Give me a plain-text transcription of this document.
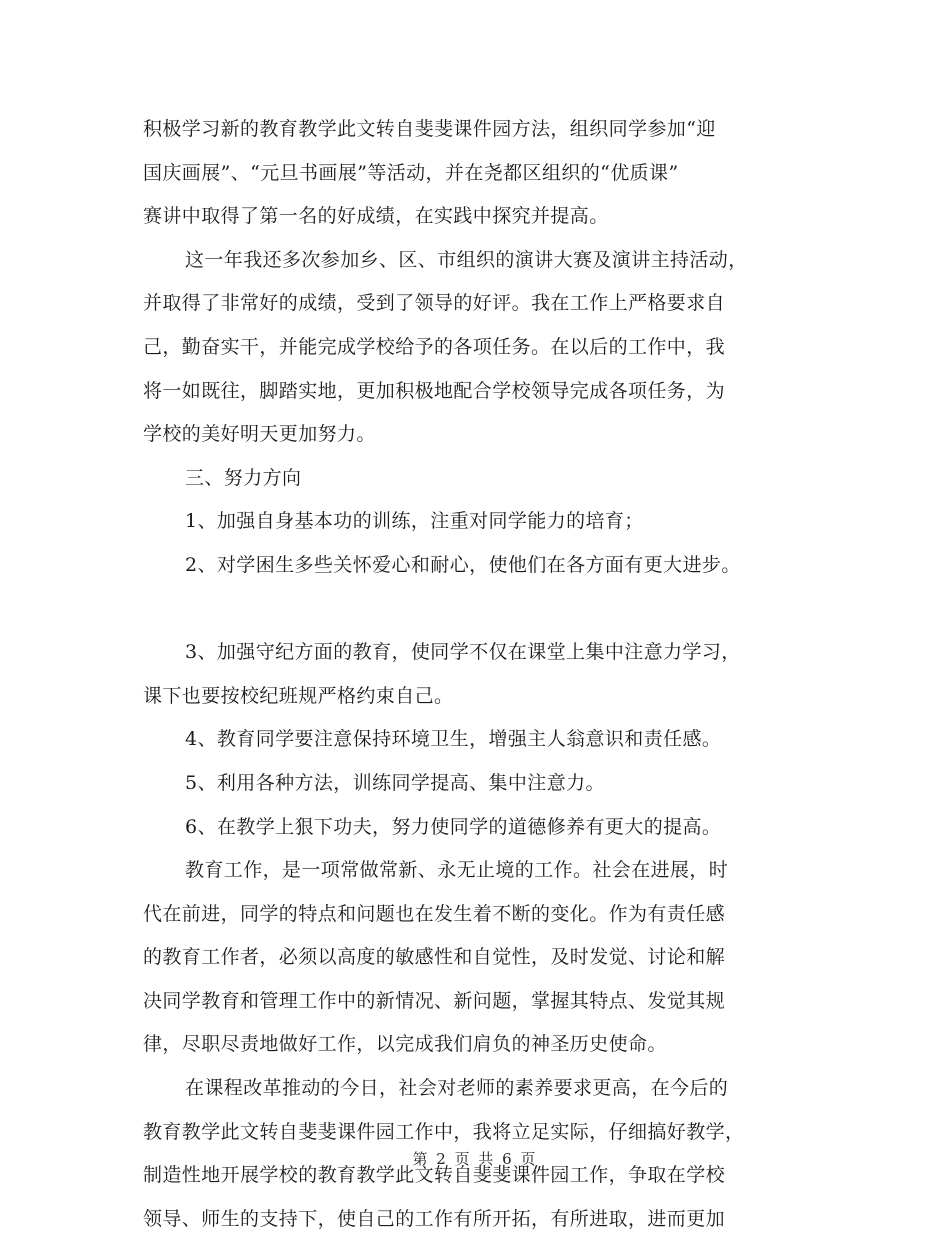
积极学习新的教育教学此文转自斐斐课件园方法，组织同学参加“迎
国庆画展”、“元旦书画展”等活动，并在尧都区组织的“优质课”
赛讲中取得了第一名的好成绩，在实践中探究并提高。
这一年我还多次参加乡、区、市组织的演讲大赛及演讲主持活动，
并取得了非常好的成绩，受到了领导的好评。我在工作上严格要求自
己，勤奋实干，并能完成学校给予的各项任务。在以后的工作中，我
将一如既往，脚踏实地，更加积极地配合学校领导完成各项任务，为
学校的美好明天更加努力。
三、努力方向
1、加强自身基本功的训练，注重对同学能力的培育；
2、对学困生多些关怀爱心和耐心，使他们在各方面有更大进步。
3、加强守纪方面的教育，使同学不仅在课堂上集中注意力学习，
课下也要按校纪班规严格约束自己。
4、教育同学要注意保持环境卫生，增强主人翁意识和责任感。
5、利用各种方法，训练同学提高、集中注意力。
6、在教学上狠下功夫，努力使同学的道德修养有更大的提高。
教育工作，是一项常做常新、永无止境的工作。社会在进展，时
代在前进，同学的特点和问题也在发生着不断的变化。作为有责任感
的教育工作者，必须以高度的敏感性和自觉性，及时发觉、讨论和解
决同学教育和管理工作中的新情况、新问题，掌握其特点、发觉其规
律，尽职尽责地做好工作，以完成我们肩负的神圣历史使命。
在课程改革推动的今日，社会对老师的素养要求更高，在今后的
教育教学此文转自斐斐课件园工作中，我将立足实际，仔细搞好教学，
制造性地开展学校的教育教学此文转自斐斐课件园工作，争取在学校
领导、师生的支持下，使自己的工作有所开拓，有所进取，进而更加
第 2 页 共 6 页
